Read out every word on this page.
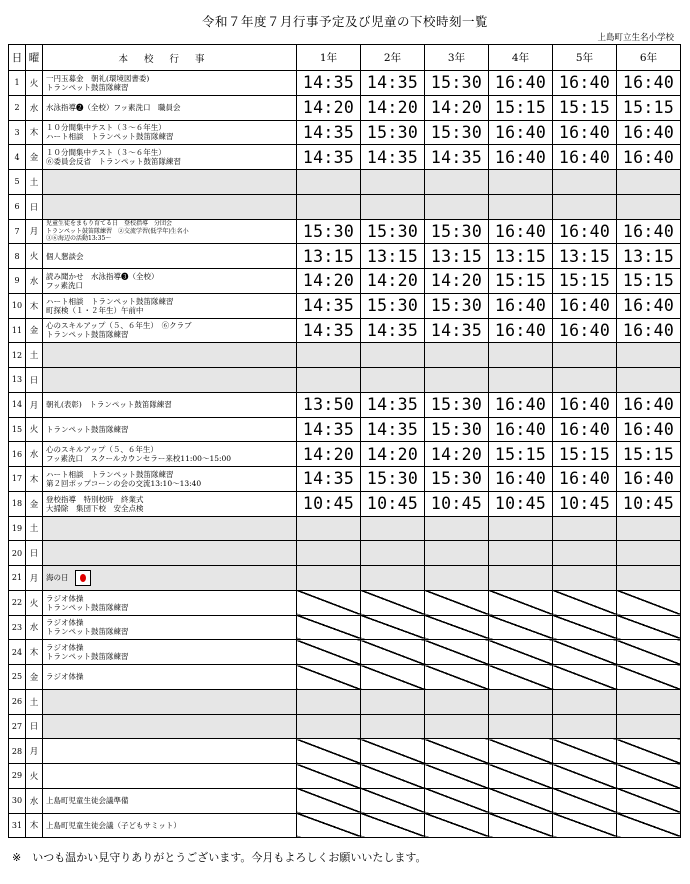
令和７年度７月行事予定及び児童の下校時刻一覧
上島町立生名小学校
日	曜	本校行事	1年	2年	3年	4年	5年	6年
1	火	一円玉募金　朝礼(環境図書委)
トランペット鼓笛隊練習	14:35	14:35	15:30	16:40	16:40	16:40
2	水	水泳指導❷（全校）フッ素洗口　職員会	14:20	14:20	14:20	15:15	15:15	15:15
3	木	１０分間集中テスト（３～６年生）
ハート相談　トランペット鼓笛隊練習	14:35	15:30	15:30	16:40	16:40	16:40
4	金	１０分間集中テスト（３～６年生）
⑥委員会反省　トランペット鼓笛隊練習	14:35	14:35	14:35	16:40	16:40	16:40
5	土							
6	日							
7	月	児童生徒をまもり育てる日　登校指導　分団会
トランペット鼓笛隊練習　②交流学習(低学年)生名小
③⑥海辺の活動13:35～	15:30	15:30	15:30	16:40	16:40	16:40
8	火	個人懇談会	13:15	13:15	13:15	13:15	13:15	13:15
9	水	読み聞かせ　水泳指導❸（全校）
フッ素洗口	14:20	14:20	14:20	15:15	15:15	15:15
10	木	ハート相談　トランペット鼓笛隊練習
町探検（１・２年生）午前中	14:35	15:30	15:30	16:40	16:40	16:40
11	金	心のスキルアップ（５、６年生）　⑥クラブ
トランペット鼓笛隊練習	14:35	14:35	14:35	16:40	16:40	16:40
12	土							
13	日							
14	月	朝礼(表彰)　トランペット鼓笛隊練習	13:50	14:35	15:30	16:40	16:40	16:40
15	火	トランペット鼓笛隊練習	14:35	14:35	15:30	16:40	16:40	16:40
16	水	心のスキルアップ（５、６年生）
フッ素洗口　スクールカウンセラー来校11:00～15:00	14:20	14:20	14:20	15:15	15:15	15:15
17	木	ハート相談　トランペット鼓笛隊練習
第２回ポップコーンの会の交流13:10～13:40	14:35	15:30	15:30	16:40	16:40	16:40
18	金	登校指導　特別校時　終業式
大掃除　集団下校　安全点検	10:45	10:45	10:45	10:45	10:45	10:45
19	土							
20	日							
21	月	海の日						
22	火	ラジオ体操
トランペット鼓笛隊練習						

23	水	ラジオ体操
トランペット鼓笛隊練習						

24	木	ラジオ体操
トランペット鼓笛隊練習						

25	金	ラジオ体操						

26	土							
27	日							
28	月							
29	火							
30	水	上島町児童生徒会議準備						

31	木	上島町児童生徒会議（子どもサミット）						

※　いつも温かい見守りありがとうございます。今月もよろしくお願いいたします。
